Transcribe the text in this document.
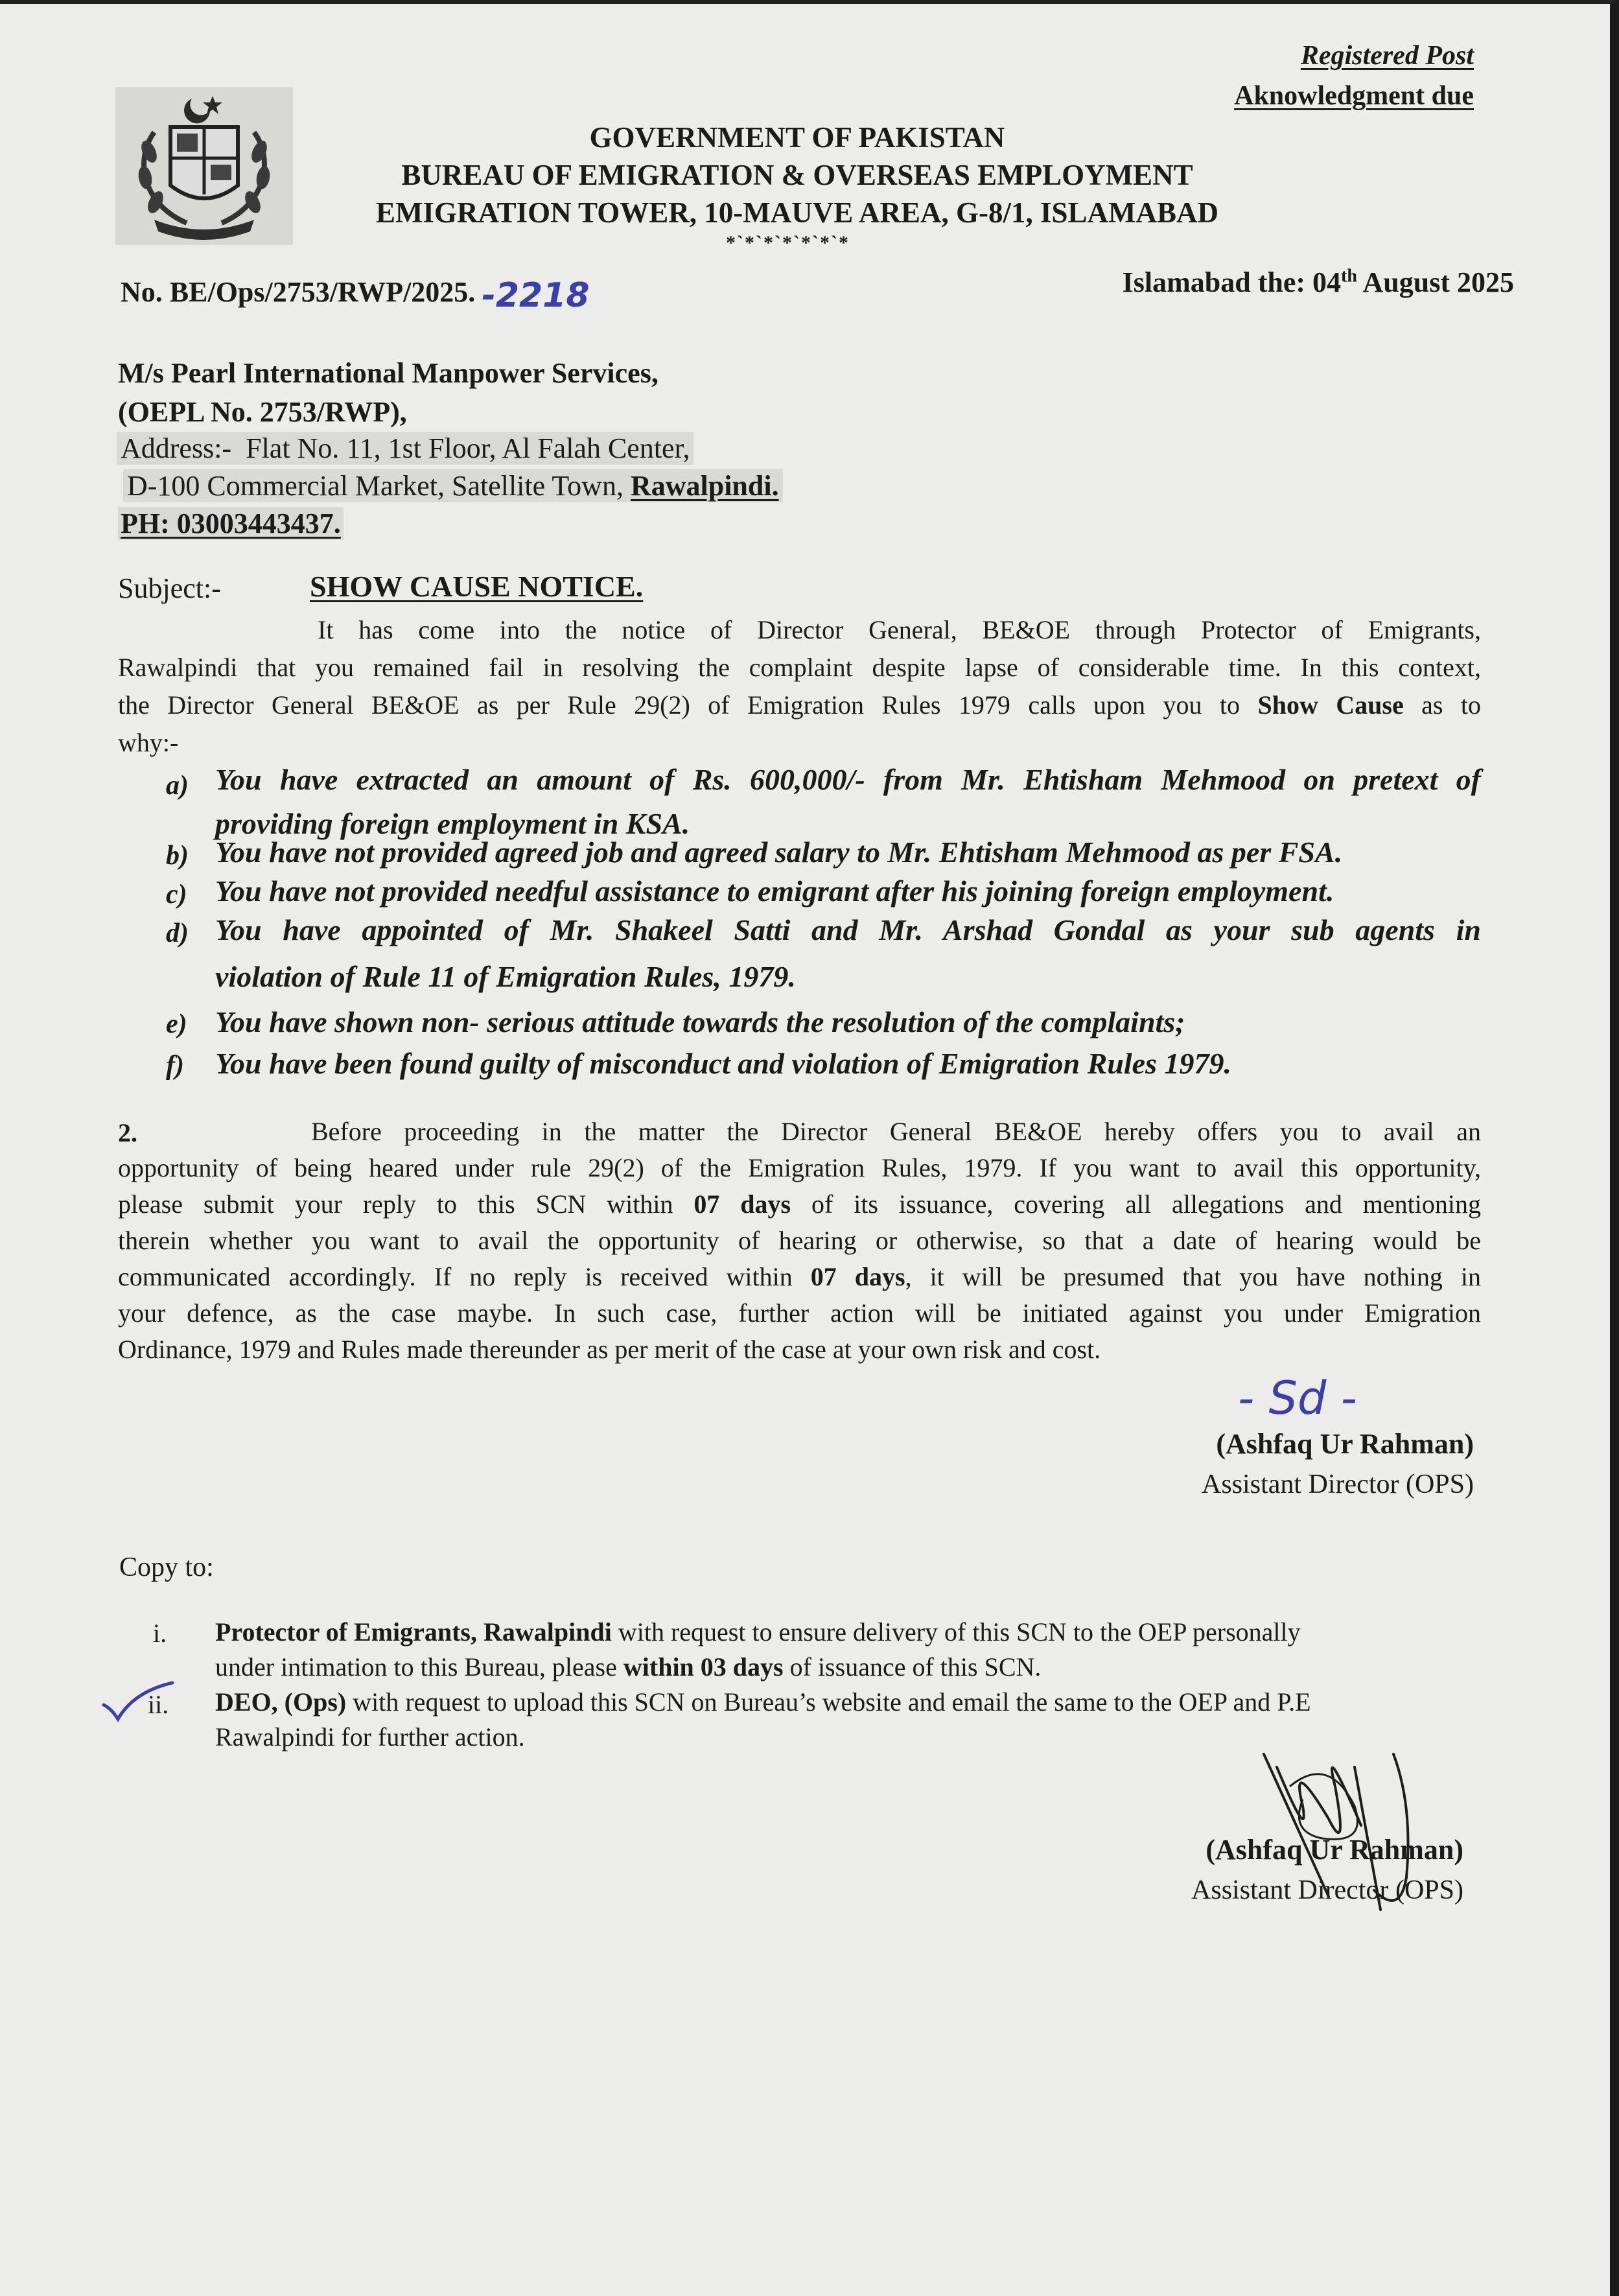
Registered Post
Aknowledgment due
GOVERNMENT OF PAKISTAN
BUREAU OF EMIGRATION & OVERSEAS EMPLOYMENT
EMIGRATION TOWER, 10-MAUVE AREA, G-8/1, ISLAMABAD
*`*`*`*`*`*`*
No. BE/Ops/2753/RWP/2025. -2218	Islamabad the: 04th August 2025
M/s Pearl International Manpower Services,
(OEPL No. 2753/RWP),
Address:- Flat No. 11, 1st Floor, Al Falah Center,
D-100 Commercial Market, Satellite Town, Rawalpindi.
PH: 03003443437.
Subject:-	SHOW CAUSE NOTICE.
It has come into the notice of Director General, BE&OE through Protector of Emigrants,
Rawalpindi that you remained fail in resolving the complaint despite lapse of considerable time. In this context,
the Director General BE&OE as per Rule 29(2) of Emigration Rules 1979 calls upon you to Show Cause as to
why:-
a) You have extracted an amount of Rs. 600,000/- from Mr. Ehtisham Mehmood on pretext of
providing foreign employment in KSA.
b) You have not provided agreed job and agreed salary to Mr. Ehtisham Mehmood as per FSA.
c) You have not provided needful assistance to emigrant after his joining foreign employment.
d) You have appointed of Mr. Shakeel Satti and Mr. Arshad Gondal as your sub agents in
violation of Rule 11 of Emigration Rules, 1979.
e) You have shown non- serious attitude towards the resolution of the complaints;
f) You have been found guilty of misconduct and violation of Emigration Rules 1979.
2.	Before proceeding in the matter the Director General BE&OE hereby offers you to avail an
opportunity of being heared under rule 29(2) of the Emigration Rules, 1979. If you want to avail this opportunity,
please submit your reply to this SCN within 07 days of its issuance, covering all allegations and mentioning
therein whether you want to avail the opportunity of hearing or otherwise, so that a date of hearing would be
communicated accordingly. If no reply is received within 07 days, it will be presumed that you have nothing in
your defence, as the case maybe. In such case, further action will be initiated against you under Emigration
Ordinance, 1979 and Rules made thereunder as per merit of the case at your own risk and cost.
- Sd -
(Ashfaq Ur Rahman)
Assistant Director (OPS)
Copy to:
i. Protector of Emigrants, Rawalpindi with request to ensure delivery of this SCN to the OEP personally
under intimation to this Bureau, please within 03 days of issuance of this SCN.
ii. DEO, (Ops) with request to upload this SCN on Bureau’s website and email the same to the OEP and P.E
Rawalpindi for further action.
(Ashfaq Ur Rahman)
Assistant Director (OPS)
